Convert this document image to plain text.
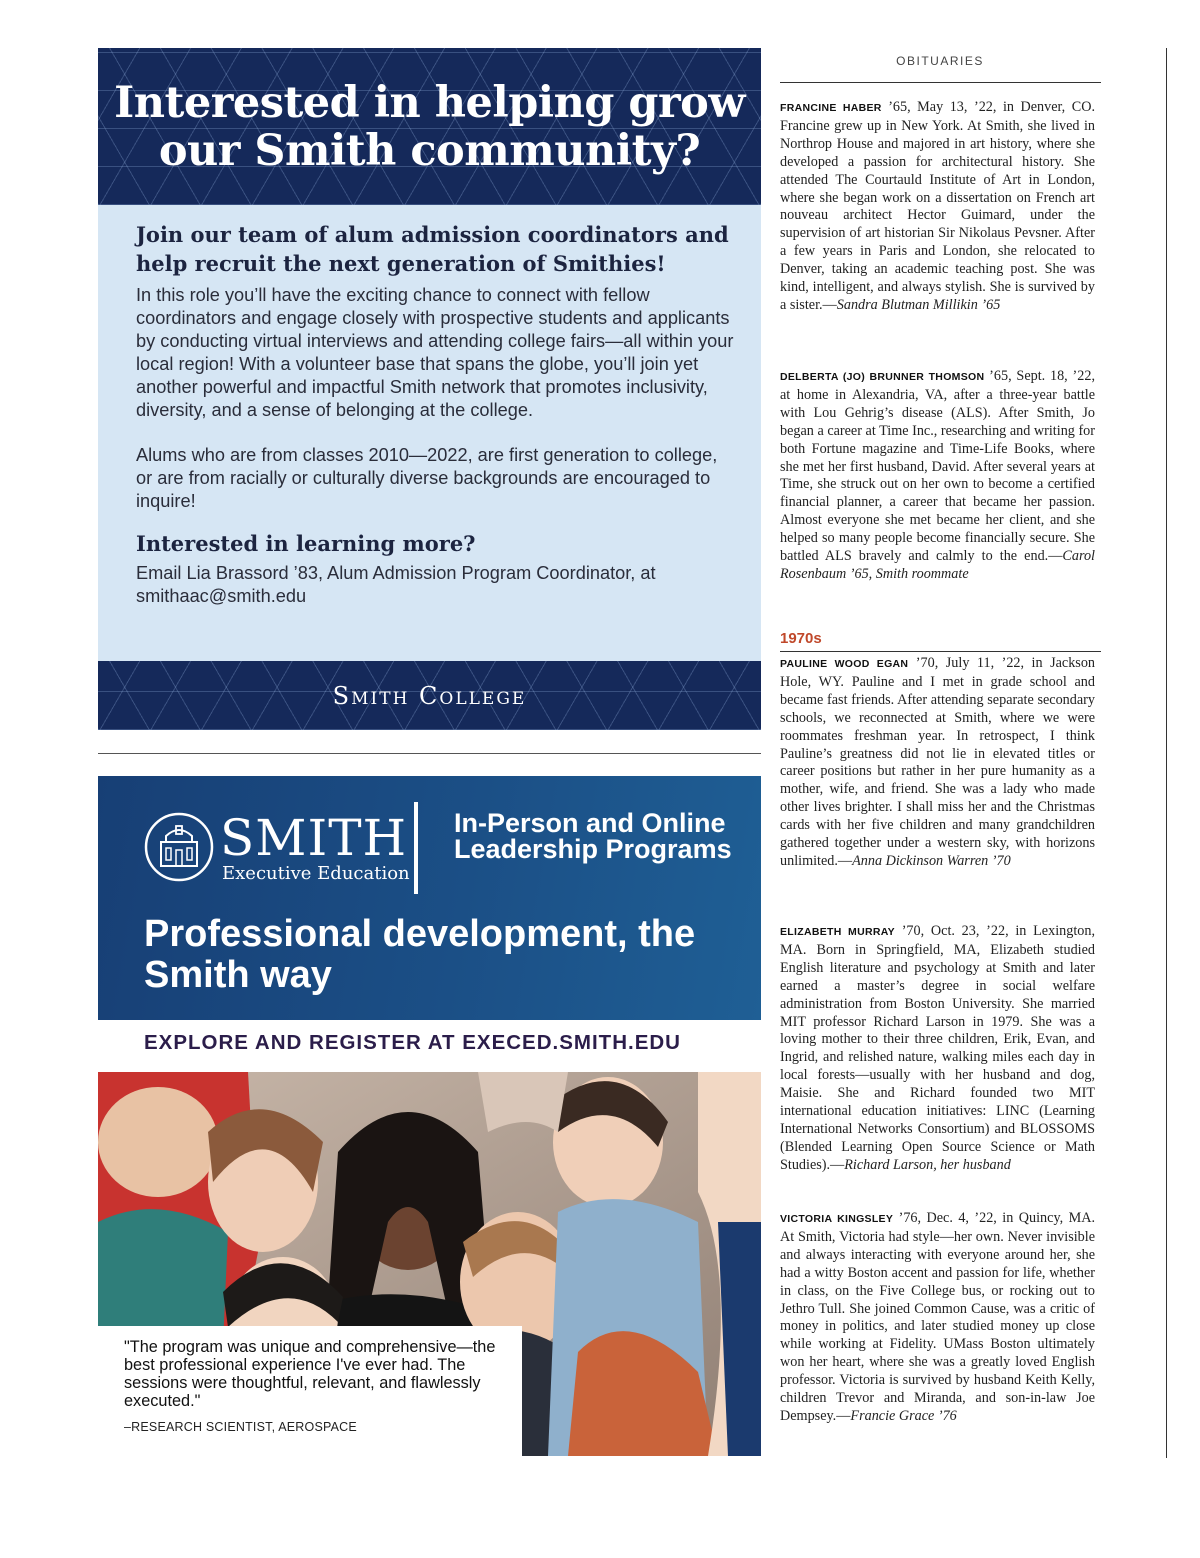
Interested in helping grow our Smith community?
Join our team of alum admission coordinators and help recruit the next generation of Smithies!

In this role you’ll have the exciting chance to connect with fellow coordinators and engage closely with prospective students and applicants by conducting virtual interviews and attending college fairs—all within your local region! With a volunteer base that spans the globe, you’ll join yet another powerful and impactful Smith network that promotes inclusivity, diversity, and a sense of belonging at the college.

Alums who are from classes 2010—2022, are first generation to college, or are from racially or culturally diverse backgrounds are encouraged to inquire!

Interested in learning more?

Email Lia Brassord ’83, Alum Admission Program Coordinator, at smithaac@smith.edu

Smith College
SMITH
Executive Education
In-Person and Online Leadership Programs
Professional development, the Smith way
EXPLORE AND REGISTER AT EXECED.SMITH.EDU
"The program was unique and comprehensive—the best professional experience I've ever had. The sessions were thoughtful, relevant, and flawlessly executed."
–RESEARCH SCIENTIST, AEROSPACE
OBITUARIES
FRANCINE HABER ’65, May 13, ’22, in Denver, CO. Francine grew up in New York. At Smith, she lived in Northrop House and majored in art history, where she developed a passion for architectural history. She attended The Courtauld Institute of Art in London, where she began work on a dissertation on French art nouveau architect Hector Guimard, under the supervision of art historian Sir Nikolaus Pevsner. After a few years in Paris and London, she relocated to Denver, taking an academic teaching post. She was kind, intelligent, and always stylish. She is survived by a sister.—Sandra Blutman Millikin ’65
DELBERTA (JO) BRUNNER THOMSON ’65, Sept. 18, ’22, at home in Alexandria, VA, after a three-year battle with Lou Gehrig’s disease (ALS). After Smith, Jo began a career at Time Inc., researching and writing for both Fortune magazine and Time-Life Books, where she met her first husband, David. After several years at Time, she struck out on her own to become a certified financial planner, a career that became her passion. Almost everyone she met became her client, and she helped so many people become financially secure. She battled ALS bravely and calmly to the end.—Carol Rosenbaum ’65, Smith roommate
1970s
PAULINE WOOD EGAN ’70, July 11, ’22, in Jackson Hole, WY. Pauline and I met in grade school and became fast friends. After attending separate secondary schools, we reconnected at Smith, where we were roommates freshman year. In retrospect, I think Pauline’s greatness did not lie in elevated titles or career positions but rather in her pure humanity as a mother, wife, and friend. She was a lady who made other lives brighter. I shall miss her and the Christmas cards with her five children and many grandchildren gathered together under a western sky, with horizons unlimited.—Anna Dickinson Warren ’70
ELIZABETH MURRAY ’70, Oct. 23, ’22, in Lexington, MA. Born in Springfield, MA, Elizabeth studied English literature and psychology at Smith and later earned a master’s degree in social welfare administration from Boston University. She married MIT professor Richard Larson in 1979. She was a loving mother to their three children, Erik, Evan, and Ingrid, and relished nature, walking miles each day in local forests—usually with her husband and dog, Maisie. She and Richard founded two MIT international education initiatives: LINC (Learning International Networks Consortium) and BLOSSOMS (Blended Learning Open Source Science or Math Studies).—Richard Larson, her husband
VICTORIA KINGSLEY ’76, Dec. 4, ’22, in Quincy, MA. At Smith, Victoria had style—her own. Never invisible and always interacting with everyone around her, she had a witty Boston accent and passion for life, whether in class, on the Five College bus, or rocking out to Jethro Tull. She joined Common Cause, was a critic of money in politics, and later studied money up close while working at Fidelity. UMass Boston ultimately won her heart, where she was a greatly loved English professor. Victoria is survived by husband Keith Kelly, children Trevor and Miranda, and son-in-law Joe Dempsey.—Francie Grace ’76
